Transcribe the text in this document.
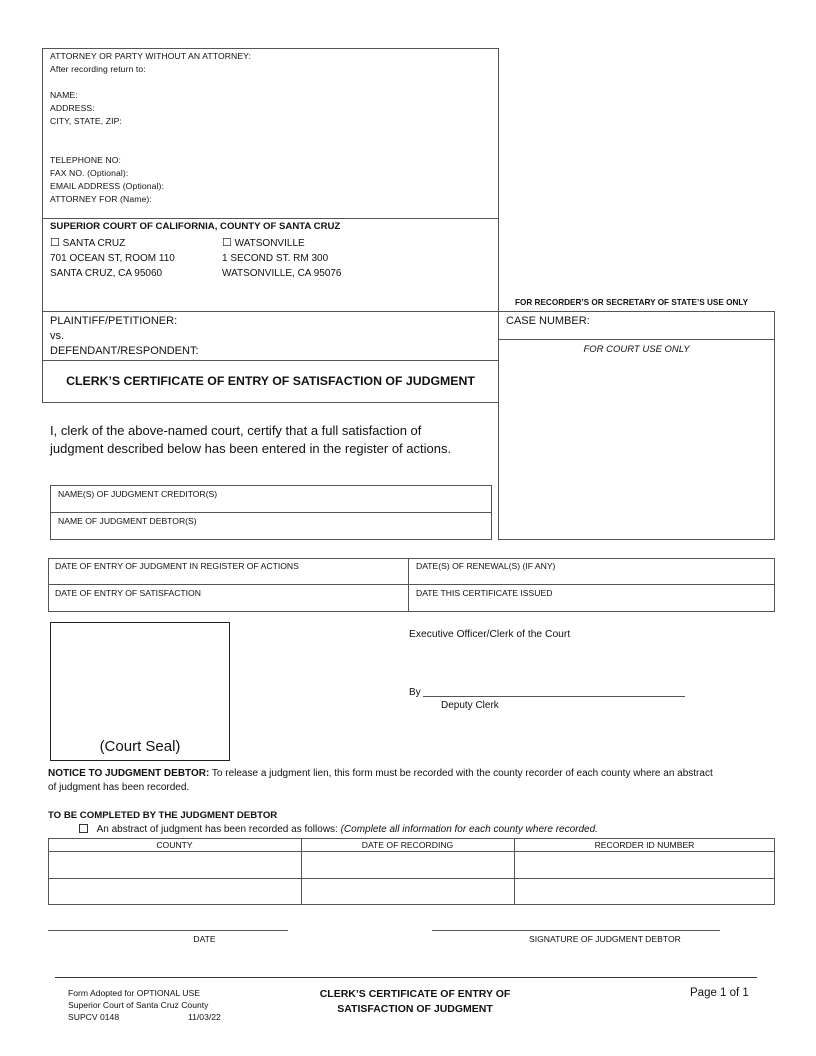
ATTORNEY OR PARTY WITHOUT AN ATTORNEY:
After recording return to:
NAME:
ADDRESS:
CITY, STATE, ZIP:
TELEPHONE NO:
FAX NO. (Optional):
EMAIL ADDRESS (Optional):
ATTORNEY FOR (Name):
SUPERIOR COURT OF CALIFORNIA, COUNTY OF SANTA CRUZ
☐ SANTA CRUZ
701 OCEAN ST, ROOM 110
SANTA CRUZ, CA 95060
☐ WATSONVILLE
1 SECOND ST. RM 300
WATSONVILLE, CA 95076
FOR RECORDER’S OR SECRETARY OF STATE’S USE ONLY
PLAINTIFF/PETITIONER:
vs.
DEFENDANT/RESPONDENT:
CASE NUMBER:
FOR COURT USE ONLY
CLERK’S CERTIFICATE OF ENTRY OF SATISFACTION OF JUDGMENT
I, clerk of the above-named court, certify that a full satisfaction of
judgment described below has been entered in the register of actions.
NAME(S) OF JUDGMENT CREDITOR(S)
NAME OF JUDGMENT DEBTOR(S)
DATE OF ENTRY OF JUDGMENT IN REGISTER OF ACTIONS	DATE(S) OF RENEWAL(S) (IF ANY)
DATE OF ENTRY OF SATISFACTION	DATE THIS CERTIFICATE ISSUED
(Court Seal)
Executive Officer/Clerk of the Court
By
Deputy Clerk
NOTICE TO JUDGMENT DEBTOR: To release a judgment lien, this form must be recorded with the county recorder of each county where an abstract
of judgment has been recorded.
TO BE COMPLETED BY THE JUDGMENT DEBTOR
An abstract of judgment has been recorded as follows: (Complete all information for each county where recorded.
COUNTY	DATE OF RECORDING	RECORDER ID NUMBER
DATE	SIGNATURE OF JUDGMENT DEBTOR
Form Adopted for OPTIONAL USE
Superior Court of Santa Cruz County
SUPCV 0148	11/03/22
CLERK’S CERTIFICATE OF ENTRY OF
SATISFACTION OF JUDGMENT
Page 1 of 1
